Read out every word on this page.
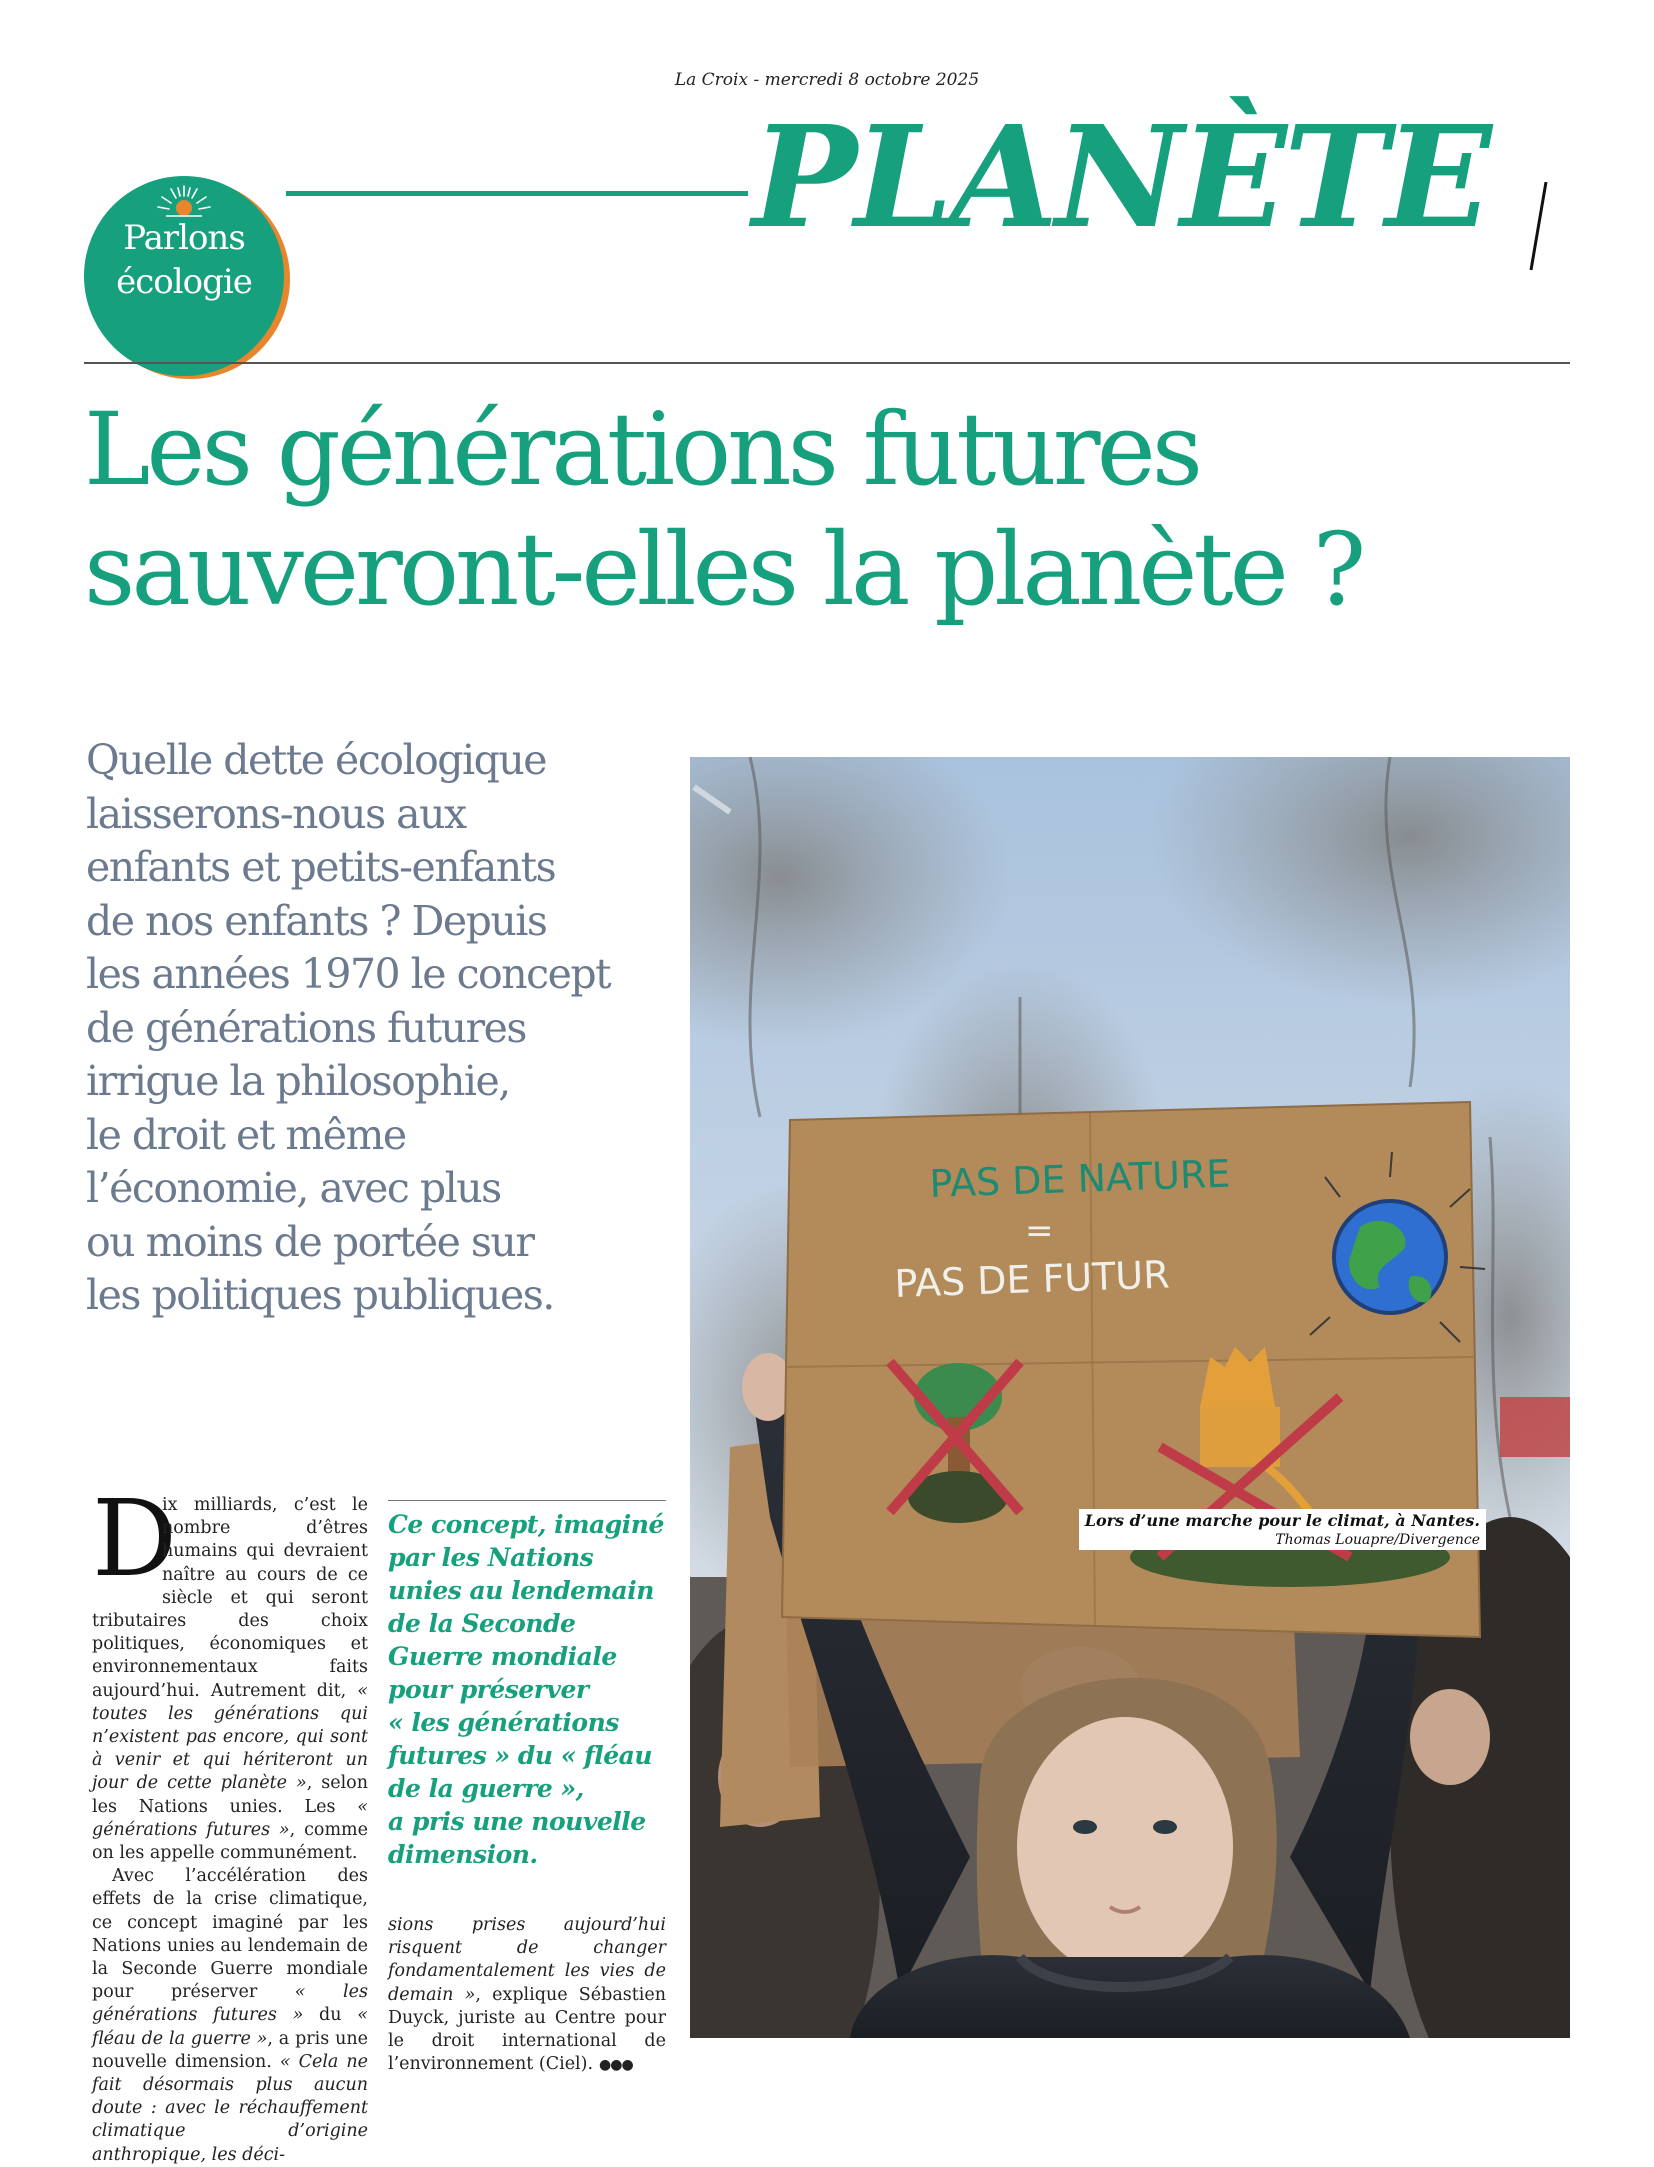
La Croix - mercredi 8 octobre 2025
Parlons
écologie
PLANÈTE
Les générations futures
sauveront-elles la planète ?
Quelle dette écologique
laisserons-nous aux
enfants et petits-enfants
de nos enfants ? Depuis
les années 1970 le concept
de générations futures
irrigue la philosophie,
le droit et même
l’économie, avec plus
ou moins de portée sur
les politiques publiques.
PAS DE NATURE
=
PAS DE FUTUR
Lors d’une marche pour le climat, à Nantes.
Thomas Louapre/Divergence

D
ix milliards, c’est le nombre d’êtres humains qui devraient naître au cours de ce siècle et qui seront tributaires des choix politiques, économiques et environnementaux faits aujourd’hui. Autrement dit, « toutes les générations qui n’existent pas encore, qui sont à venir et qui hériteront un jour de cette planète », selon les Nations unies. Les « générations futures », comme on les appelle communément.

Avec l’accélération des effets de la crise climatique, ce concept imaginé par les Nations unies au lendemain de la Seconde Guerre mondiale pour préserver « les générations futures » du « fléau de la guerre », a pris une nouvelle dimension. « Cela ne fait désormais plus aucun doute : avec le réchauffement climatique d’origine anthropique, les déci-

Ce concept, imaginé
par les Nations
unies au lendemain
de la Seconde
Guerre mondiale
pour préserver
« les générations
futures » du « fléau
de la guerre »,
a pris une nouvelle
dimension.

sions prises aujourd’hui risquent de changer fondamentalement les vies de demain », explique Sébastien Duyck, juriste au Centre pour le droit international de l’environnement (Ciel). ●●●
